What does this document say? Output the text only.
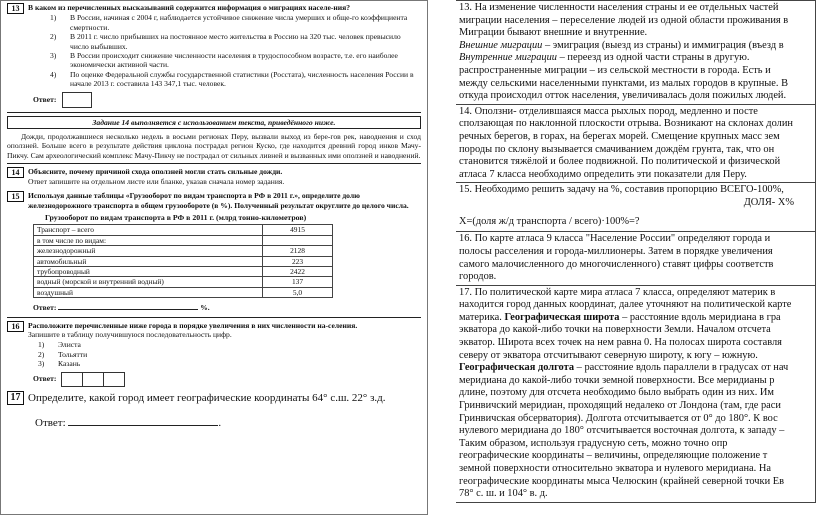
13	В каком из перечисленных высказываний содержится информация о миграциях населе-ния?
1)	В России, начиная с 2004 г, наблюдается устойчивое снижение числа умерших и обще-го коэффициента смертности.
2)	В 2011 г. число прибывших на постоянное место жительства в Россию на 320 тыс. человек превысило число выбывших.
3)	В России происходит снижение численности населения в трудоспособном возрасте, т.е. его наиболее экономически активной части.
4)	По оценке Федеральной службы государственной статистики (Росстата), численность населения России в начале 2013 г. составила 143 347,1 тыс. человек.
Ответ:
Задание 14 выполняется с использованием текста, приведённого ниже.
Дожди, продолжавшиеся несколько недель в восьми регионах Перу, вызвали выход из бере-гов рек, наводнения и сход оползней. Больше всего в результате действия циклона пострадал регион Куско, где находится древний город инков Мачу-Пикчу. Сам археологический комплекс Мачу-Пикчу не пострадал от сильных ливней и вызванных ими оползней и наводнений.
14	Объясните, почему причиной схода оползней могли стать сильные дожди.
Ответ запишите на отдельном листе или бланке, указав сначала номер задания.
15	Используя данные таблицы «Грузооборот по видам транспорта в РФ в 2011 г.», определите долю железнодорожного транспорта в общем грузообороте (в %). Полученный результат округлите до целого числа.
Грузооборот по видам транспорта в РФ в 2011 г. (млрд тонно-километров)
Транспорт – всего	4915
в том числе по видам:	
железнодорожный	2128
автомобильный	223
трубопроводный	2422
водный (морской и внутренний водный)	137
воздушный	5,0
Ответ:	%.
16	Расположите перечисленные ниже города в порядке увеличения в них численности на-селения.
Запишите в таблицу получившуюся последовательность цифр.
1)	Элиста
2)	Тольятти
3)	Казань
Ответ:
17 Определите, какой город имеет географические координаты 64° с.ш. 22° з.д.
Ответ:	.

13. На изменение численности населения страны и ее отдельных частей

миграции населения – переселение людей из одной области проживания в

Миграции бывают внешние и внутренние.

Внешние миграции – эмиграция (выезд из страны) и иммиграция (въезд в

Внутренние миграции – переезд из одной части страны в другую.

распространенные миграции – из сельской местности в города. Есть и

между сельскими населенными пунктами, из малых городов в крупные. В

откуда происходил отток населения, увеличивалась доля пожилых людей.

14. Оползни- отделившаяся масса рыхлых пород, медленно и посте

сползающая по наклонной плоскости отрыва. Возникают на склонах долин

речных берегов, в горах, на берегах морей. Смещение крупных масс зем

породы по склону вызывается смачиванием дождём грунта, так, что он

становится тяжёлой и более подвижной. По политической и физической

атласа 7 класса необходимо определить эти показатели для Перу.

15. Необходимо решить задачу на %, составив пропорцию ВСЕГО-100%,

ДОЛЯ- Х%

Х=(доля ж/д транспорта / всего)·100%=?

16. По карте атласа 9 класса "Население России" определяют города и

полосы расселения и города-миллионеры. Затем в порядке увеличения

самого малочисленного до многочисленного) ставят цифры соответств

городов.

17. По политической карте мира атласа 7 класса, определяют материк в

находится город данных координат, далее уточняют на политической карте

материка. Географическая широта – расстояние вдоль меридиана в гра

экватора до какой-либо точки на поверхности Земли. Началом отсчета

экватор. Широта всех точек на нем равна 0. На полосах широта составля

северу от экватора отсчитывают северную широту, к югу – южную.

Географическая долгота – расстояние вдоль параллели в градусах от нач

меридиана до какой-либо точки земной поверхности. Все меридианы р

длине, поэтому для отсчета необходимо было выбрать один из них. Им

Гринвичский меридиан, проходящий недалеко от Лондона (там, где раси

Гринвичская обсерватория). Долгота отсчитывается от 0° до 180°. К вос

нулевого меридиана до 180° отсчитывается восточная долгота, к западу –

Таким образом, используя градусную сеть, можно точно опр

географические координаты – величины, определяющие положение т

земной поверхности относительно экватора и нулевого меридиана. На

географические координаты мыса Челюскин (крайней северной точки Ев

78° с. ш. и 104° в. д.
